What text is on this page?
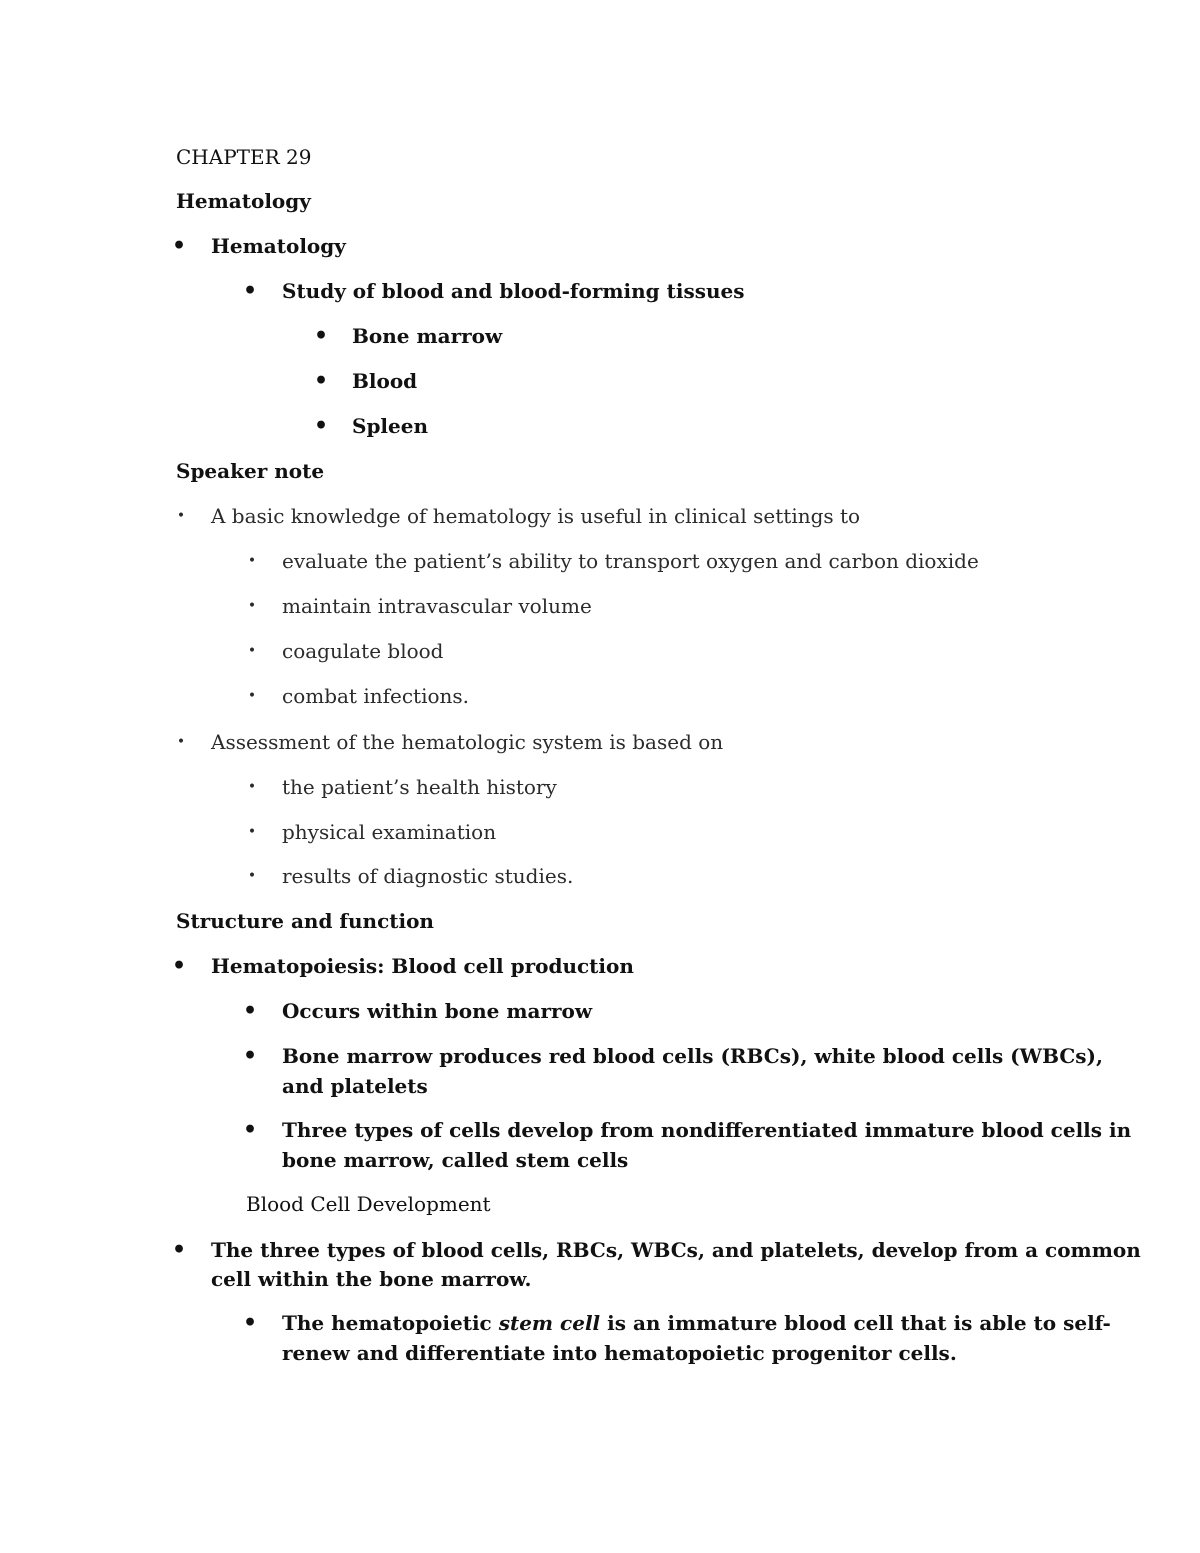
CHAPTER 29
Hematology
• Hematology
• Study of blood and blood-forming tissues
• Bone marrow
• Blood
• Spleen
Speaker note
• A basic knowledge of hematology is useful in clinical settings to
• evaluate the patient’s ability to transport oxygen and carbon dioxide
• maintain intravascular volume
• coagulate blood
• combat infections.
• Assessment of the hematologic system is based on
• the patient’s health history
• physical examination
• results of diagnostic studies.
Structure and function
• Hematopoiesis: Blood cell production
• Occurs within bone marrow
• Bone marrow produces red blood cells (RBCs), white blood cells (WBCs),
and platelets
• Three types of cells develop from nondifferentiated immature blood cells in
bone marrow, called stem cells
Blood Cell Development
• The three types of blood cells, RBCs, WBCs, and platelets, develop from a common
cell within the bone marrow.
• The hematopoietic stem cell is an immature blood cell that is able to self-
renew and differentiate into hematopoietic progenitor cells.
